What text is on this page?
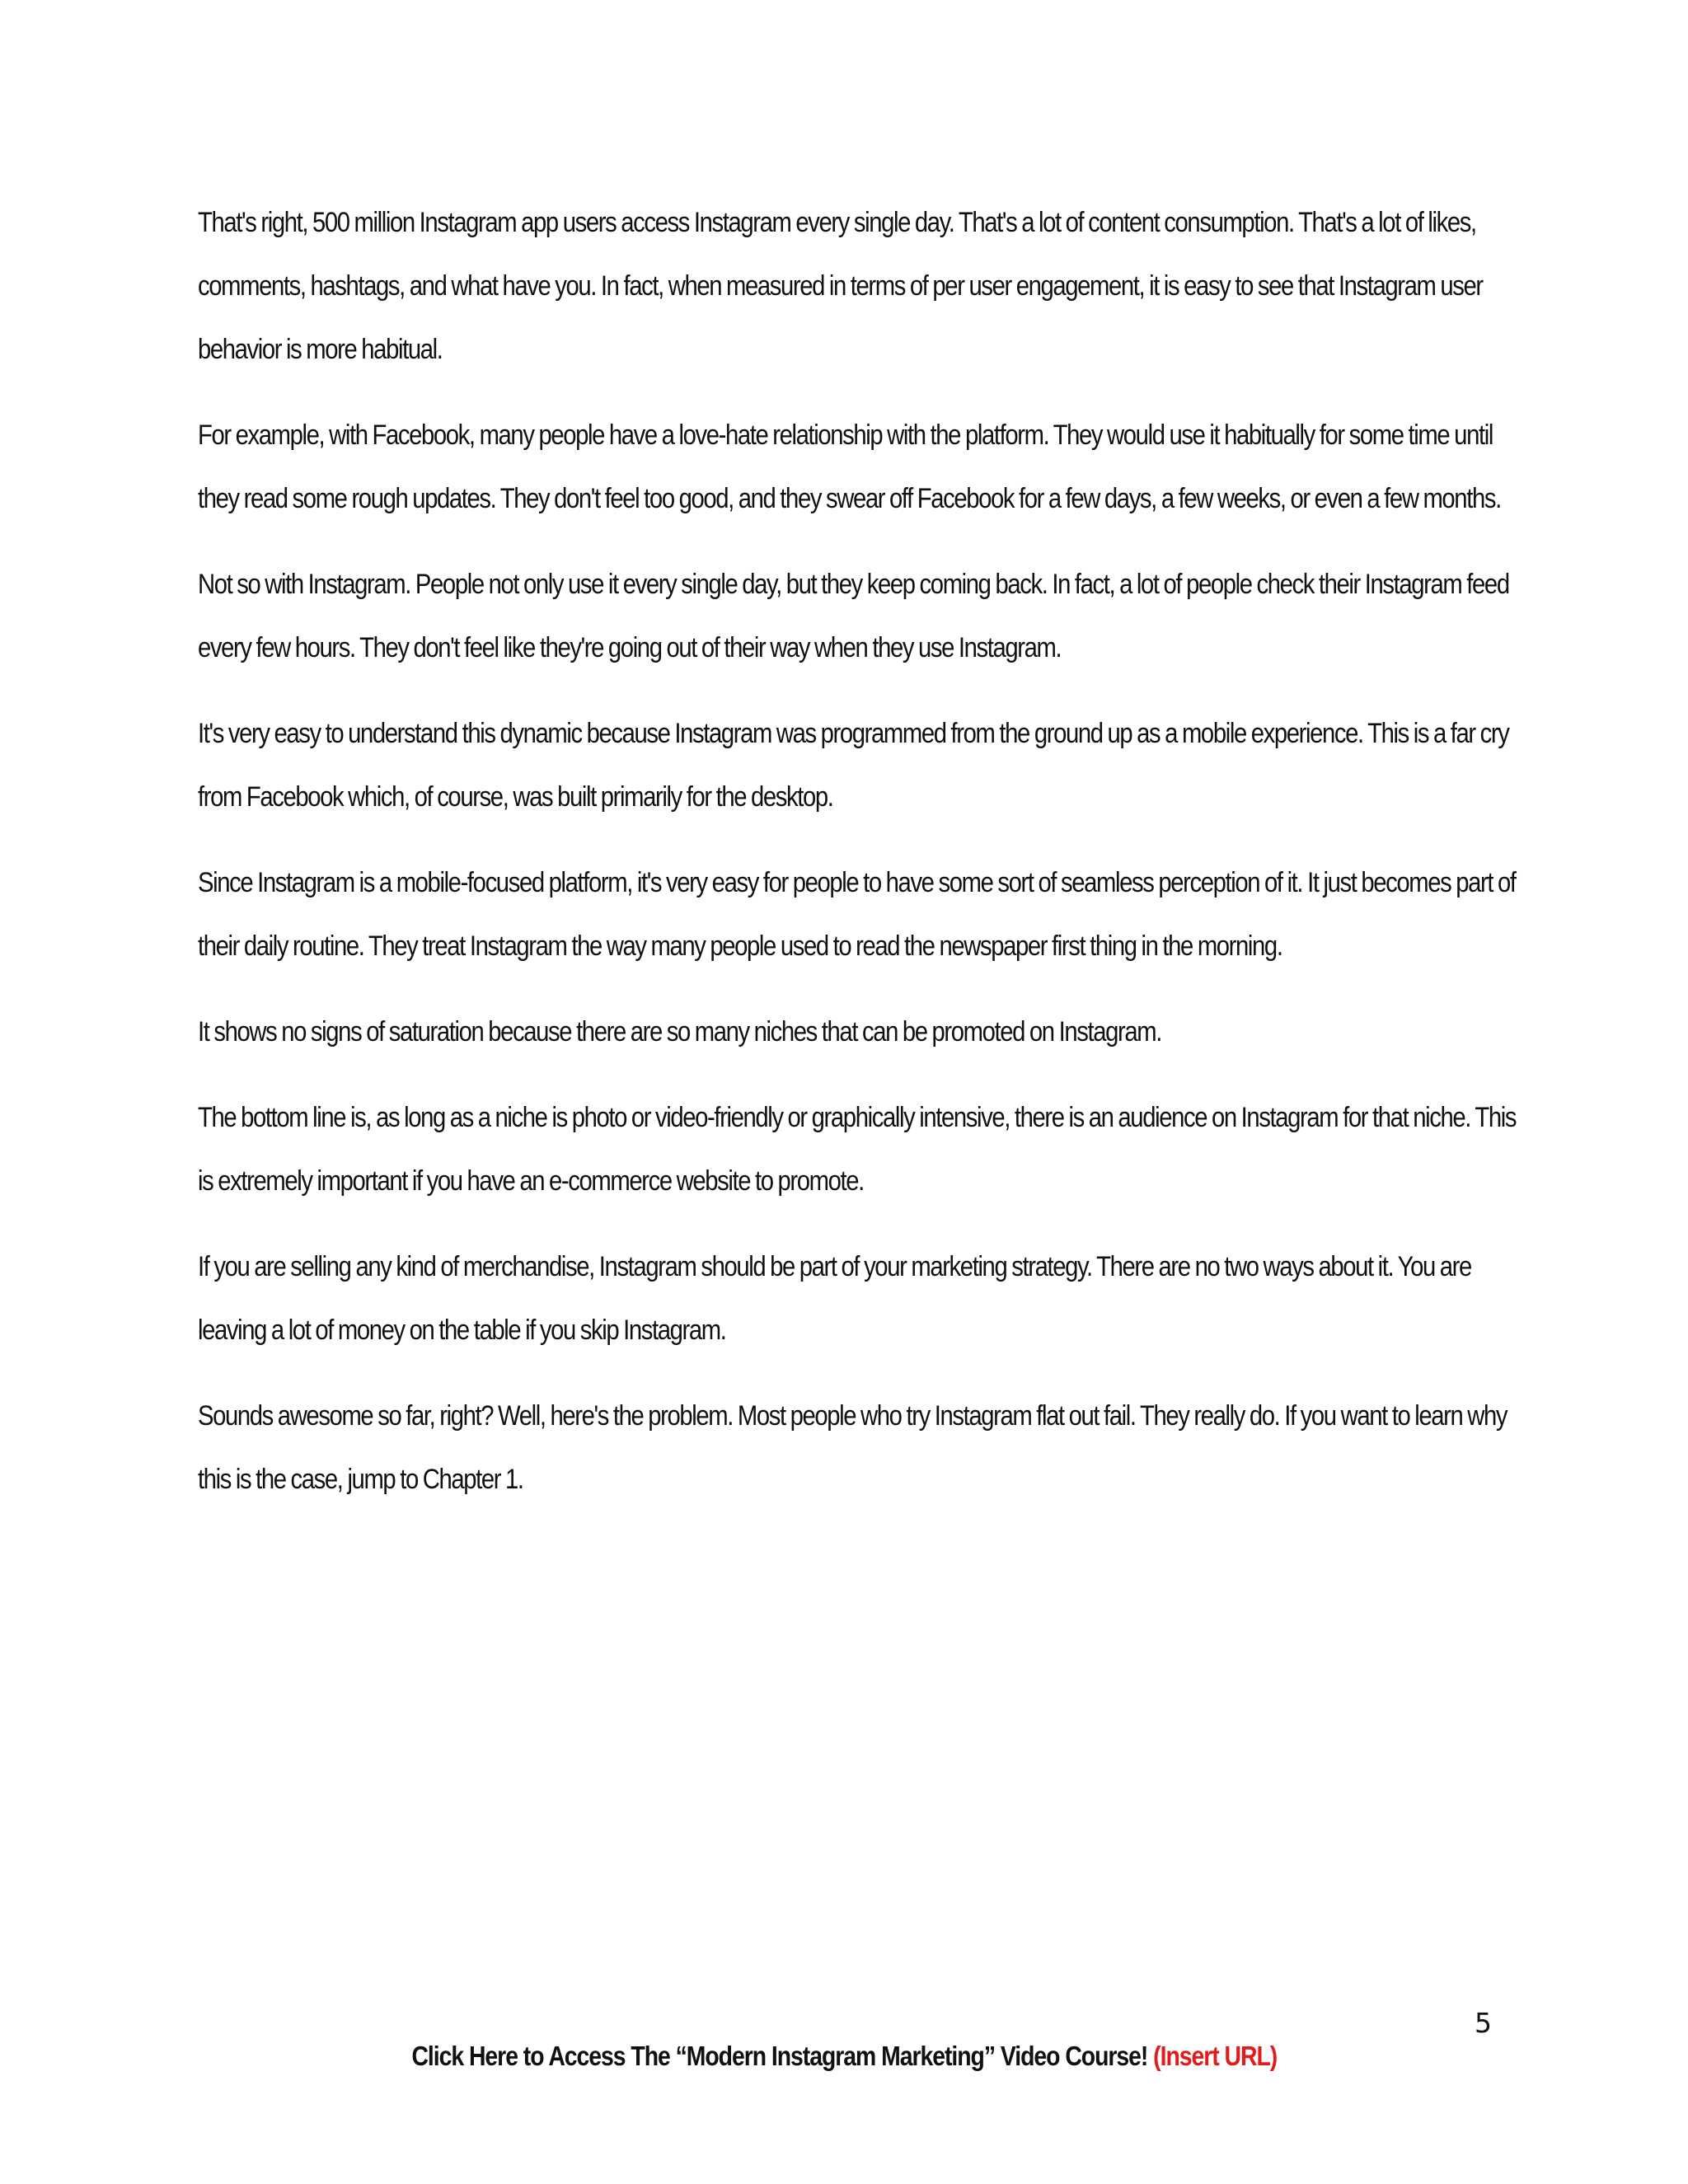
That's right, 500 million Instagram app users access Instagram every single day. That's a lot of content consumption. That's a lot of likes, comments, hashtags, and what have you. In fact, when measured in terms of per user engagement, it is easy to see that Instagram user behavior is more habitual.

For example, with Facebook, many people have a love-hate relationship with the platform. They would use it habitually for some time until they read some rough updates. They don't feel too good, and they swear off Facebook for a few days, a few weeks, or even a few months.

Not so with Instagram. People not only use it every single day, but they keep coming back. In fact, a lot of people check their Instagram feed every few hours. They don't feel like they're going out of their way when they use Instagram.

It's very easy to understand this dynamic because Instagram was programmed from the ground up as a mobile experience. This is a far cry from Facebook which, of course, was built primarily for the desktop.

Since Instagram is a mobile-focused platform, it's very easy for people to have some sort of seamless perception of it. It just becomes part of their daily routine. They treat Instagram the way many people used to read the newspaper first thing in the morning.

It shows no signs of saturation because there are so many niches that can be promoted on Instagram.

The bottom line is, as long as a niche is photo or video-friendly or graphically intensive, there is an audience on Instagram for that niche. This is extremely important if you have an e-commerce website to promote.

If you are selling any kind of merchandise, Instagram should be part of your marketing strategy. There are no two ways about it. You are leaving a lot of money on the table if you skip Instagram.

Sounds awesome so far, right? Well, here's the problem. Most people who try Instagram flat out fail. They really do. If you want to learn why this is the case, jump to Chapter 1.

5
Click Here to Access The “Modern Instagram Marketing” Video Course! (Insert URL)
